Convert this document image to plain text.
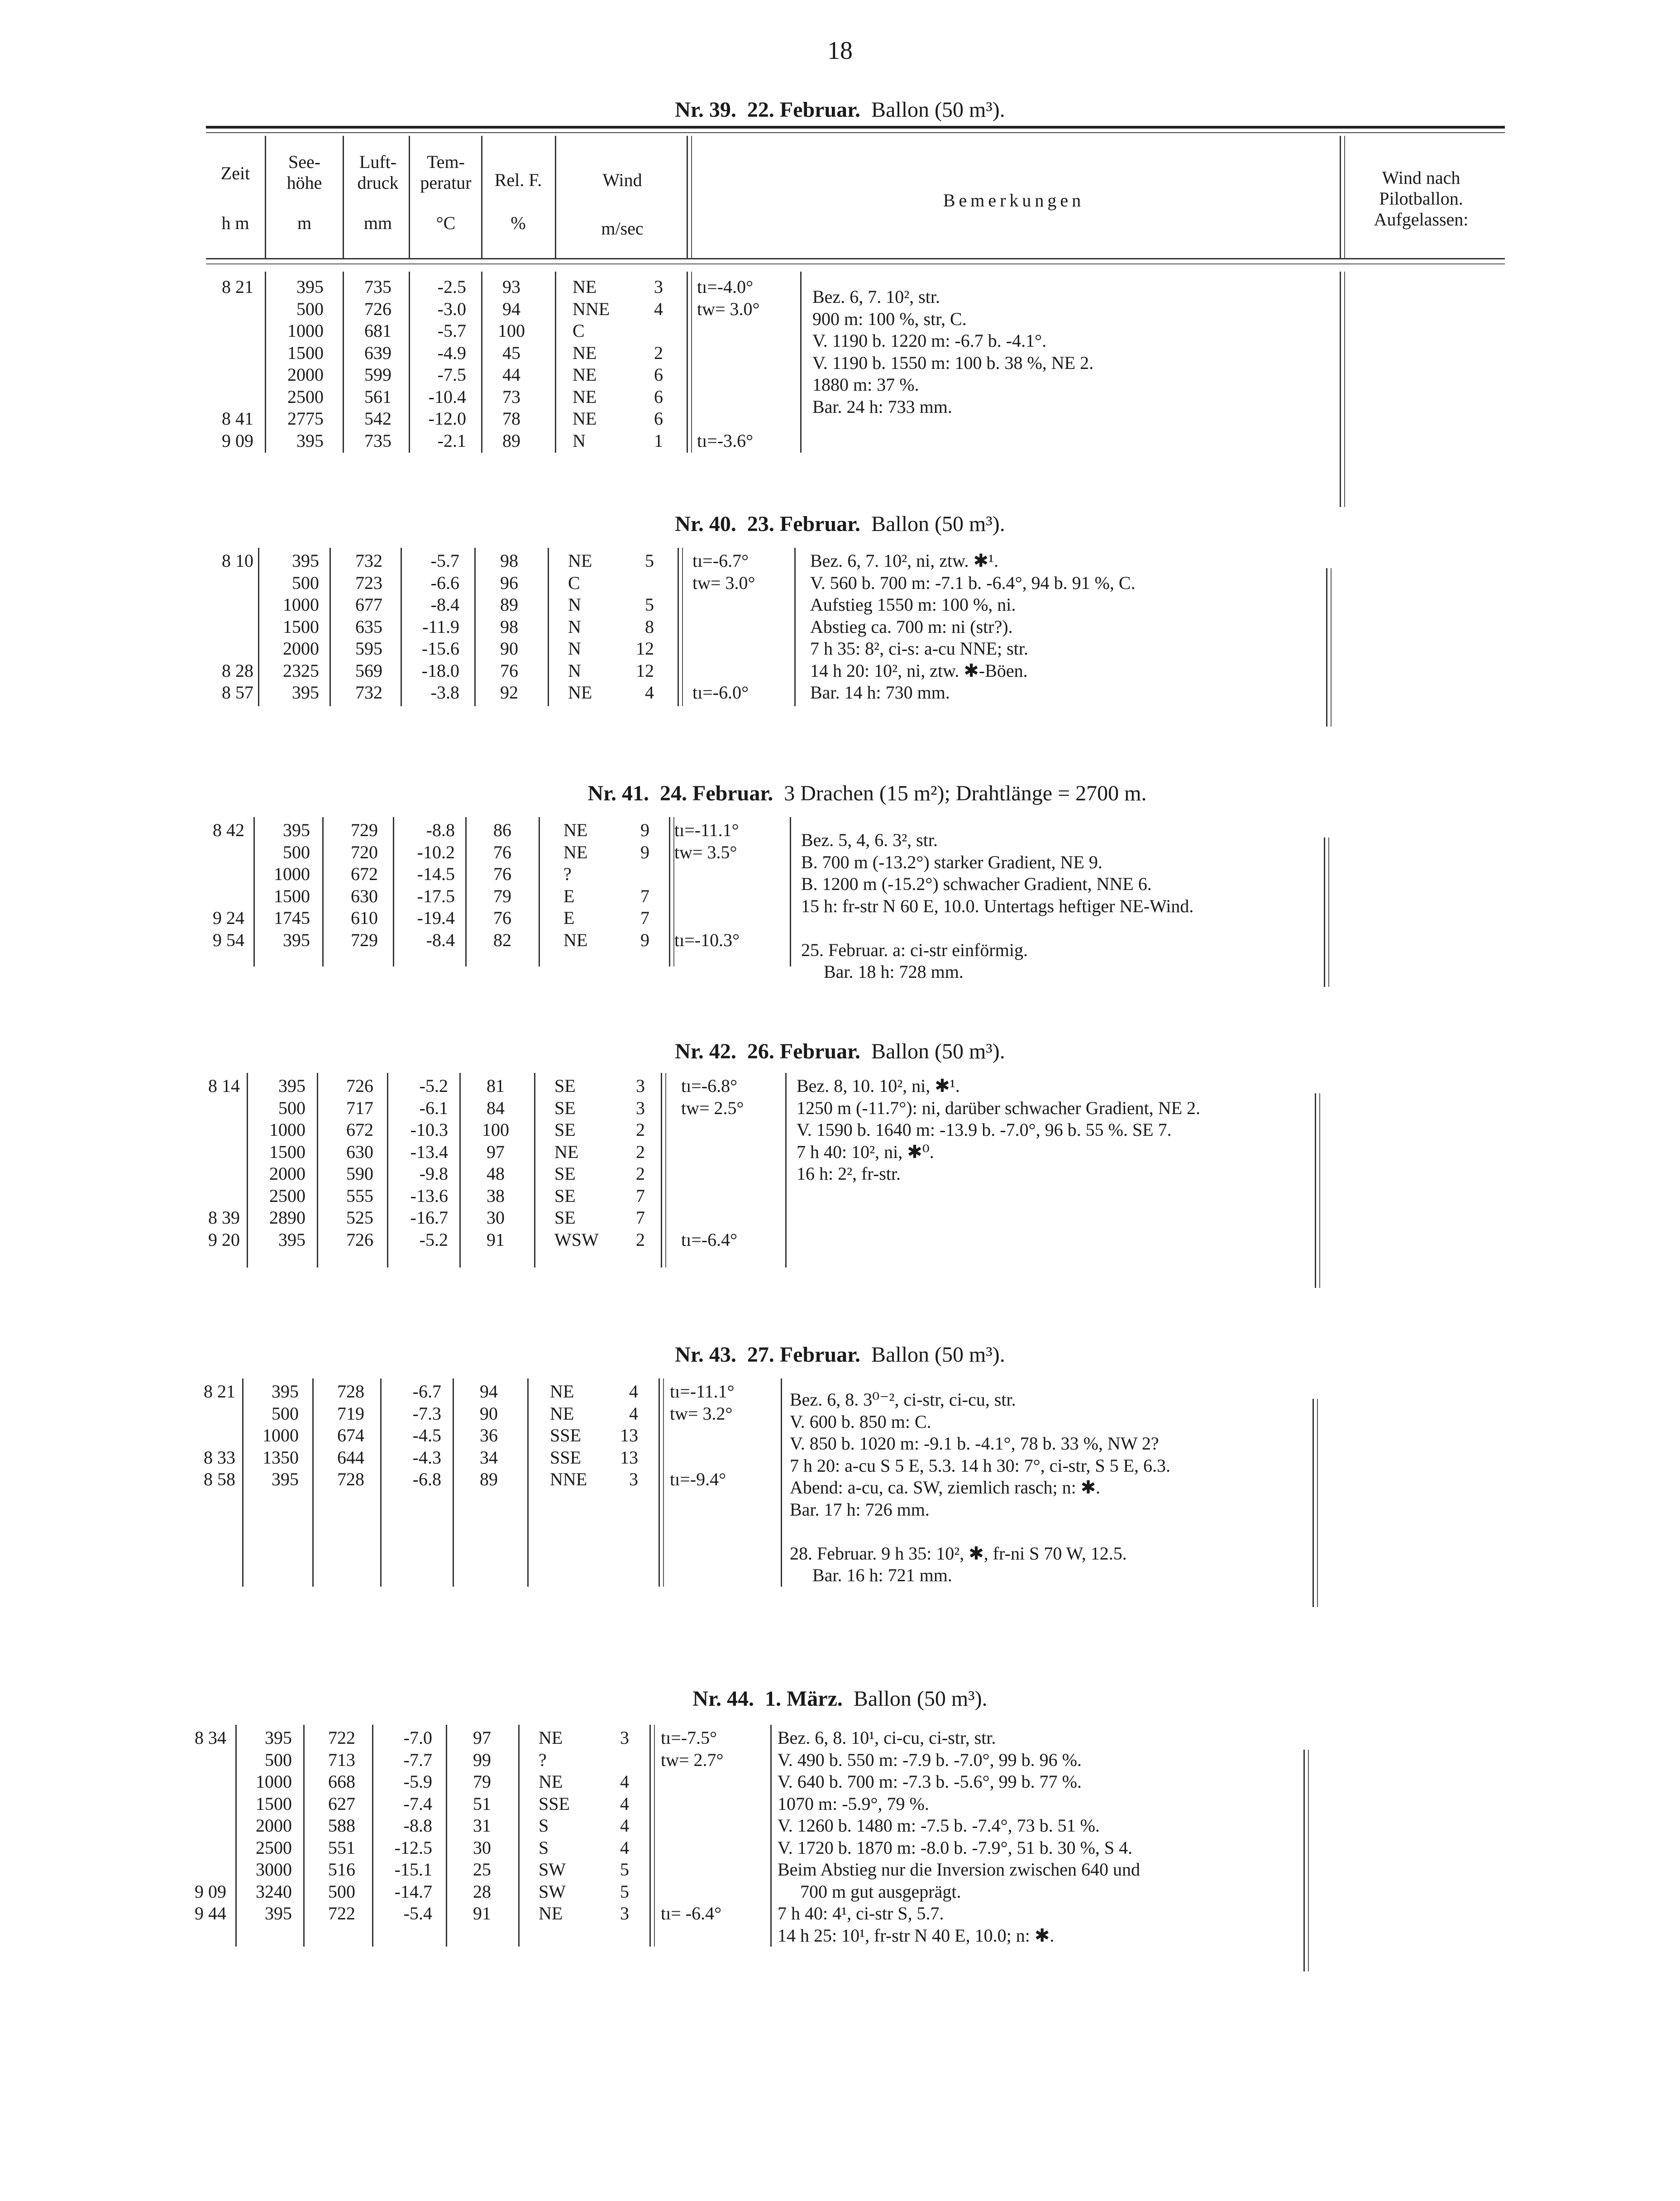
18
Nr. 39. 22. Februar. Ballon (50 m³).
Zeit
h m
See-
höhe
m
Luft-
druck
mm
Tem-
peratur
°C
Rel. F.
%
Wind
m/sec
Bemerkungen
Wind nach
Pilotballon.
Aufgelassen:
8 21

8 41
9 09
395
500
1000
1500
2000
2500
2775
395
735
726
681
639
599
561
542
735
-2.5
-3.0
-5.7
-4.9
-7.5
-10.4
-12.0
-2.1
93
94
100
45
44
73
78
89
NE
NNE
C
NE
NE
NE
NE
N
3
4

2
6
6
6
1
tı=-4.0°
tw= 3.0°

tı=-3.6°
Bez. 6, 7. 10², str.
900 m: 100 %, str, C.
V. 1190 b. 1220 m: -6.7 b. -4.1°.
V. 1190 b. 1550 m: 100 b. 38 %, NE 2.
1880 m: 37 %.
Bar. 24 h: 733 mm.
Nr. 40. 23. Februar. Ballon (50 m³).
8 10

8 28
8 57
395
500
1000
1500
2000
2325
395
732
723
677
635
595
569
732
-5.7
-6.6
-8.4
-11.9
-15.6
-18.0
-3.8
98
96
89
98
90
76
92
NE
C
N
N
N
N
NE
5

5
8
12
12
4
tı=-6.7°
tw= 3.0°

tı=-6.0°
Bez. 6, 7. 10², ni, ztw. ✱¹.
V. 560 b. 700 m: -7.1 b. -6.4°, 94 b. 91 %, C.
Aufstieg 1550 m: 100 %, ni.
Abstieg ca. 700 m: ni (str?).
7 h 35: 8², ci-s: a-cu NNE; str.
14 h 20: 10², ni, ztw. ✱-Böen.
Bar. 14 h: 730 mm.
Nr. 41. 24. Februar. 3 Drachen (15 m²); Drahtlänge = 2700 m.
8 42

9 24
9 54
395
500
1000
1500
1745
395
729
720
672
630
610
729
-8.8
-10.2
-14.5
-17.5
-19.4
-8.4
86
76
76
79
76
82
NE
NE
?
E
E
NE
9
9

7
7
9
tı=-11.1°
tw= 3.5°

tı=-10.3°
Bez. 5, 4, 6. 3², str.
B. 700 m (-13.2°) starker Gradient, NE 9.
B. 1200 m (-15.2°) schwacher Gradient, NNE 6.
15 h: fr-str N 60 E, 10.0. Untertags heftiger NE-Wind.

25. Februar. a: ci-str einförmig.
Bar. 18 h: 728 mm.
Nr. 42. 26. Februar. Ballon (50 m³).
8 14

8 39
9 20
395
500
1000
1500
2000
2500
2890
395
726
717
672
630
590
555
525
726
-5.2
-6.1
-10.3
-13.4
-9.8
-13.6
-16.7
-5.2
81
84
100
97
48
38
30
91
SE
SE
SE
NE
SE
SE
SE
WSW
3
3
2
2
2
7
7
2
tı=-6.8°
tw= 2.5°

tı=-6.4°
Bez. 8, 10. 10², ni, ✱¹.
1250 m (-11.7°): ni, darüber schwacher Gradient, NE 2.
V. 1590 b. 1640 m: -13.9 b. -7.0°, 96 b. 55 %. SE 7.
7 h 40: 10², ni, ✱⁰.
16 h: 2², fr-str.
Nr. 43. 27. Februar. Ballon (50 m³).
8 21

8 33
8 58
395
500
1000
1350
395
728
719
674
644
728
-6.7
-7.3
-4.5
-4.3
-6.8
94
90
36
34
89
NE
NE
SSE
SSE
NNE
4
4
13
13
3
tı=-11.1°
tw= 3.2°

tı=-9.4°
Bez. 6, 8. 3⁰⁻², ci-str, ci-cu, str.
V. 600 b. 850 m: C.
V. 850 b. 1020 m: -9.1 b. -4.1°, 78 b. 33 %, NW 2?
7 h 20: a-cu S 5 E, 5.3. 14 h 30: 7°, ci-str, S 5 E, 6.3.
Abend: a-cu, ca. SW, ziemlich rasch; n: ✱.
Bar. 17 h: 726 mm.

28. Februar. 9 h 35: 10², ✱, fr-ni S 70 W, 12.5.
Bar. 16 h: 721 mm.
Nr. 44. 1. März. Ballon (50 m³).
8 34

9 09
9 44
395
500
1000
1500
2000
2500
3000
3240
395
722
713
668
627
588
551
516
500
722
-7.0
-7.7
-5.9
-7.4
-8.8
-12.5
-15.1
-14.7
-5.4
97
99
79
51
31
30
25
28
91
NE
?
NE
SSE
S
S
SW
SW
NE
3

4
4
4
4
5
5
3
tı=-7.5°
tw= 2.7°

tı= -6.4°
Bez. 6, 8. 10¹, ci-cu, ci-str, str.
V. 490 b. 550 m: -7.9 b. -7.0°, 99 b. 96 %.
V. 640 b. 700 m: -7.3 b. -5.6°, 99 b. 77 %.
1070 m: -5.9°, 79 %.
V. 1260 b. 1480 m: -7.5 b. -7.4°, 73 b. 51 %.
V. 1720 b. 1870 m: -8.0 b. -7.9°, 51 b. 30 %, S 4.
Beim Abstieg nur die Inversion zwischen 640 und
700 m gut ausgeprägt.
7 h 40: 4¹, ci-str S, 5.7.
14 h 25: 10¹, fr-str N 40 E, 10.0; n: ✱.
